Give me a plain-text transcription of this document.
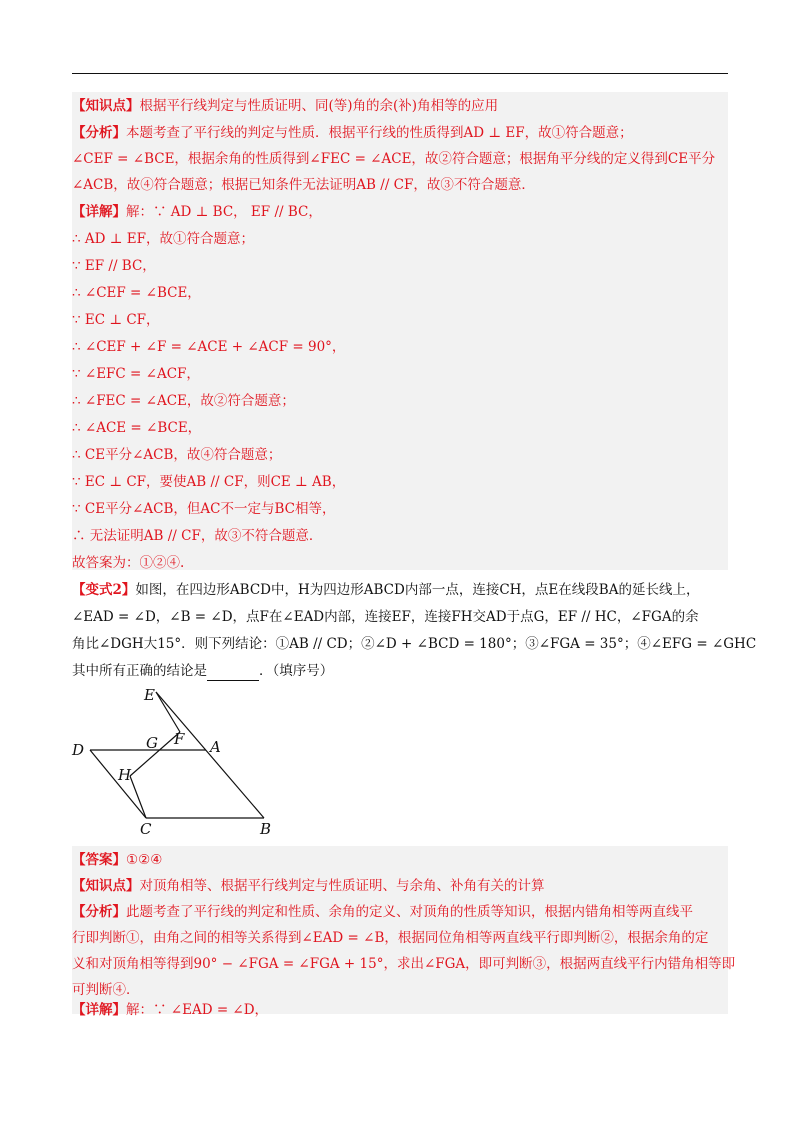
【知识点】根据平行线判定与性质证明、同(等)角的余(补)角相等的应用
【分析】本题考查了平行线的判定与性质．根据平行线的性质得到AD ⊥ EF，故①符合题意；
∠CEF = ∠BCE，根据余角的性质得到∠FEC = ∠ACE，故②符合题意；根据角平分线的定义得到CE平分
∠ACB，故④符合题意；根据已知条件无法证明AB // CF，故③不符合题意．
【详解】解：∵ AD ⊥ BC， EF // BC，
∴ AD ⊥ EF，故①符合题意；
∵ EF // BC，
∴ ∠CEF = ∠BCE，
∵ EC ⊥ CF，
∴ ∠CEF + ∠F = ∠ACE + ∠ACF = 90°，
∵ ∠EFC = ∠ACF，
∴ ∠FEC = ∠ACE，故②符合题意；
∴ ∠ACE = ∠BCE，
∴ CE平分∠ACB，故④符合题意；
∵ EC ⊥ CF，要使AB // CF，则CE ⊥ AB，
∵ CE平分∠ACB，但AC不一定与BC相等，
∴ 无法证明AB // CF，故③不符合题意．
故答案为：①②④.
【变式2】如图，在四边形ABCD中，H为四边形ABCD内部一点，连接CH，点E在线段BA的延长线上，
∠EAD = ∠D，∠B = ∠D，点F在∠EAD内部，连接EF，连接FH交AD于点G，EF // HC，∠FGA的余
角比∠DGH大15°．则下列结论：①AB // CD；②∠D + ∠BCD = 180°；③∠FGA = 35°；④∠EFG = ∠GHC
其中所有正确的结论是	．（填序号）
E
F
G
D	A
H
C	B
【答案】①②④
【知识点】对顶角相等、根据平行线判定与性质证明、与余角、补角有关的计算
【分析】此题考查了平行线的判定和性质、余角的定义、对顶角的性质等知识，根据内错角相等两直线平
行即判断①，由角之间的相等关系得到∠EAD = ∠B，根据同位角相等两直线平行即判断②，根据余角的定
义和对顶角相等得到90° − ∠FGA = ∠FGA + 15°，求出∠FGA，即可判断③，根据两直线平行内错角相等即
可判断④．
【详解】解：∵ ∠EAD = ∠D，
